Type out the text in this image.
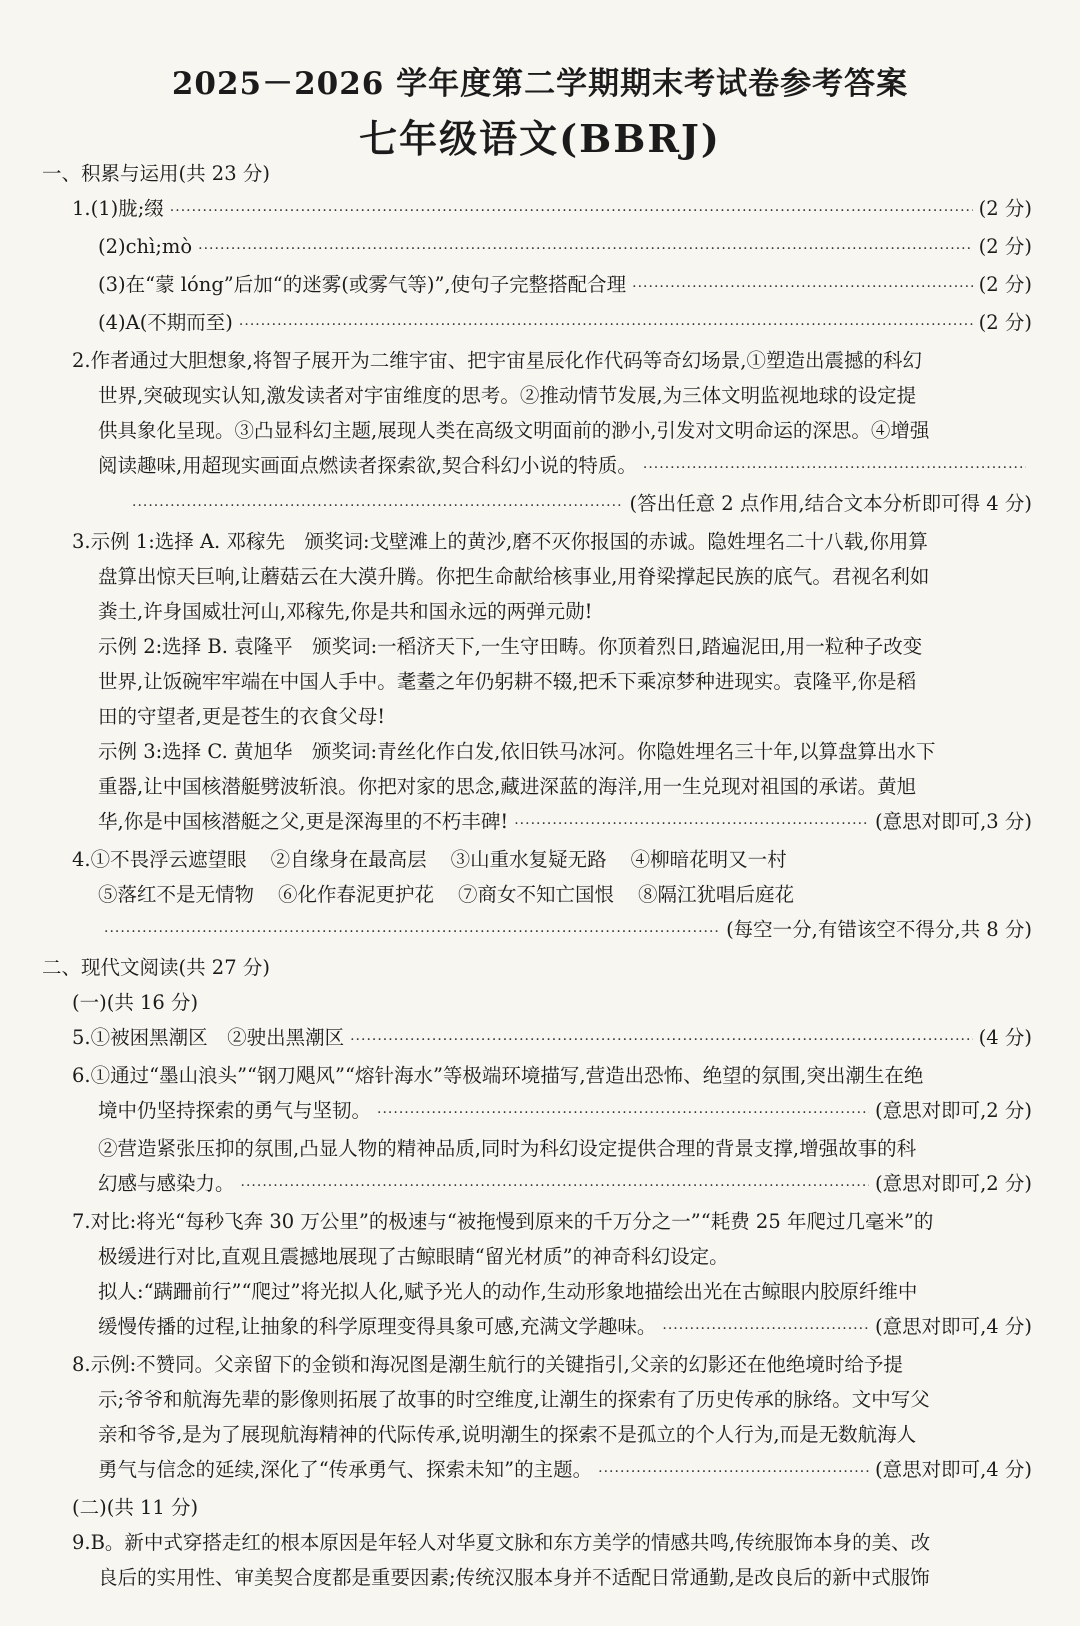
2025－2026 学年度第二学期期末考试卷参考答案
七年级语文(BBRJ)
一、积累与运用(共 23 分)
1.(1)胧;缀 ·····	(2 分)
(2)chì;mò ·····	(2 分)
(3)在“蒙 lóng”后加“的迷雾(或雾气等)”,使句子完整搭配合理 ·····	(2 分)
(4)A(不期而至) ·····	(2 分)
2.作者通过大胆想象,将智子展开为二维宇宙、把宇宙星辰化作代码等奇幻场景,①塑造出震撼的科幻
世界,突破现实认知,激发读者对宇宙维度的思考。②推动情节发展,为三体文明监视地球的设定提
供具象化呈现。③凸显科幻主题,展现人类在高级文明面前的渺小,引发对文明命运的深思。④增强
阅读趣味,用超现实画面点燃读者探索欲,契合科幻小说的特质。
·····
·····
(答出任意 2 点作用,结合文本分析即可得 4 分)
3.示例 1:选择 A. 邓稼先　颁奖词:戈壁滩上的黄沙,磨不灭你报国的赤诚。隐姓埋名二十八载,你用算
盘算出惊天巨响,让蘑菇云在大漠升腾。你把生命献给核事业,用脊梁撑起民族的底气。君视名利如
粪土,许身国威壮河山,邓稼先,你是共和国永远的两弹元勋!
示例 2:选择 B. 袁隆平　颁奖词:一稻济天下,一生守田畴。你顶着烈日,踏遍泥田,用一粒种子改变
世界,让饭碗牢牢端在中国人手中。耄耋之年仍躬耕不辍,把禾下乘凉梦种进现实。袁隆平,你是稻
田的守望者,更是苍生的衣食父母!
示例 3:选择 C. 黄旭华　颁奖词:青丝化作白发,依旧铁马冰河。你隐姓埋名三十年,以算盘算出水下
重器,让中国核潜艇劈波斩浪。你把对家的思念,藏进深蓝的海洋,用一生兑现对祖国的承诺。黄旭
华,你是中国核潜艇之父,更是深海里的不朽丰碑! ·····	(意思对即可,3 分)
4.①不畏浮云遮望眼 ②自缘身在最高层 ③山重水复疑无路 ④柳暗花明又一村
⑤落红不是无情物 ⑥化作春泥更护花 ⑦商女不知亡国恨 ⑧隔江犹唱后庭花
·····
(每空一分,有错该空不得分,共 8 分)
二、现代文阅读(共 27 分)
(一)(共 16 分)
5.①被困黑潮区　②驶出黑潮区 ·····	(4 分)
6.①通过“墨山浪头”“钢刀飓风”“熔针海水”等极端环境描写,营造出恐怖、绝望的氛围,突出潮生在绝
境中仍坚持探索的勇气与坚韧。 ·····	(意思对即可,2 分)
②营造紧张压抑的氛围,凸显人物的精神品质,同时为科幻设定提供合理的背景支撑,增强故事的科
幻感与感染力。 ·····	(意思对即可,2 分)
7.对比:将光“每秒飞奔 30 万公里”的极速与“被拖慢到原来的千万分之一”“耗费 25 年爬过几毫米”的
极缓进行对比,直观且震撼地展现了古鲸眼睛“留光材质”的神奇科幻设定。
拟人:“蹒跚前行”“爬过”将光拟人化,赋予光人的动作,生动形象地描绘出光在古鲸眼内胶原纤维中
缓慢传播的过程,让抽象的科学原理变得具象可感,充满文学趣味。 ·····	(意思对即可,4 分)
8.示例:不赞同。父亲留下的金锁和海况图是潮生航行的关键指引,父亲的幻影还在他绝境时给予提
示;爷爷和航海先辈的影像则拓展了故事的时空维度,让潮生的探索有了历史传承的脉络。文中写父
亲和爷爷,是为了展现航海精神的代际传承,说明潮生的探索不是孤立的个人行为,而是无数航海人
勇气与信念的延续,深化了“传承勇气、探索未知”的主题。 ·····	(意思对即可,4 分)
(二)(共 11 分)
9.B。新中式穿搭走红的根本原因是年轻人对华夏文脉和东方美学的情感共鸣,传统服饰本身的美、改
良后的实用性、审美契合度都是重要因素;传统汉服本身并不适配日常通勤,是改良后的新中式服饰
